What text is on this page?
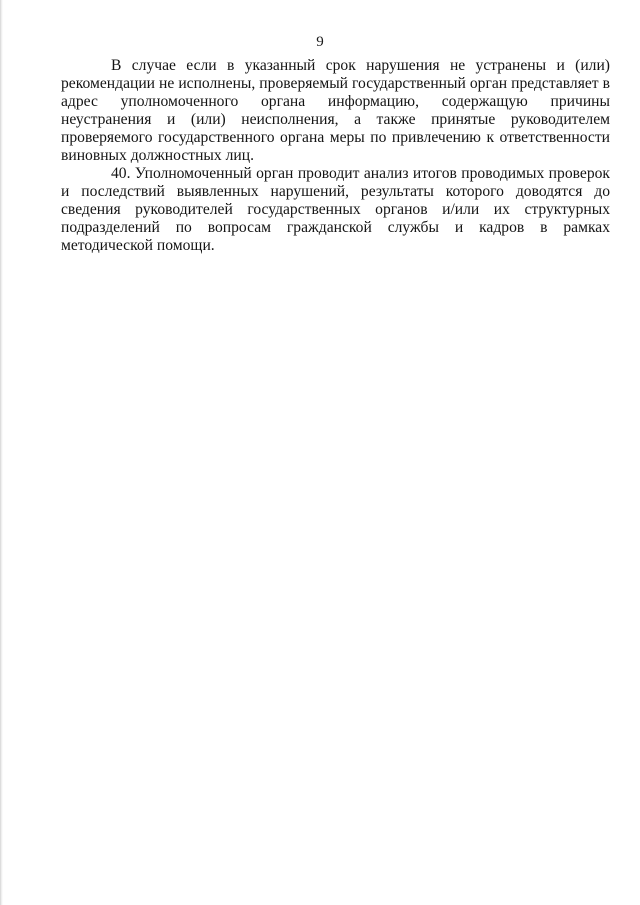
9

В случае если в указанный срок нарушения не устранены и (или) рекомендации не исполнены, проверяемый государственный орган представляет в адрес уполномоченного органа информацию, содержащую причины неустранения и (или) неисполнения, а также принятые руководителем проверяемого государственного органа меры по привлечению к ответственности виновных должностных лиц.

40. Уполномоченный орган проводит анализ итогов проводимых проверок и последствий выявленных нарушений, результаты которого доводятся до сведения руководителей государственных органов и/или их структурных подразделений по вопросам гражданской службы и кадров в рамках методической помощи.
